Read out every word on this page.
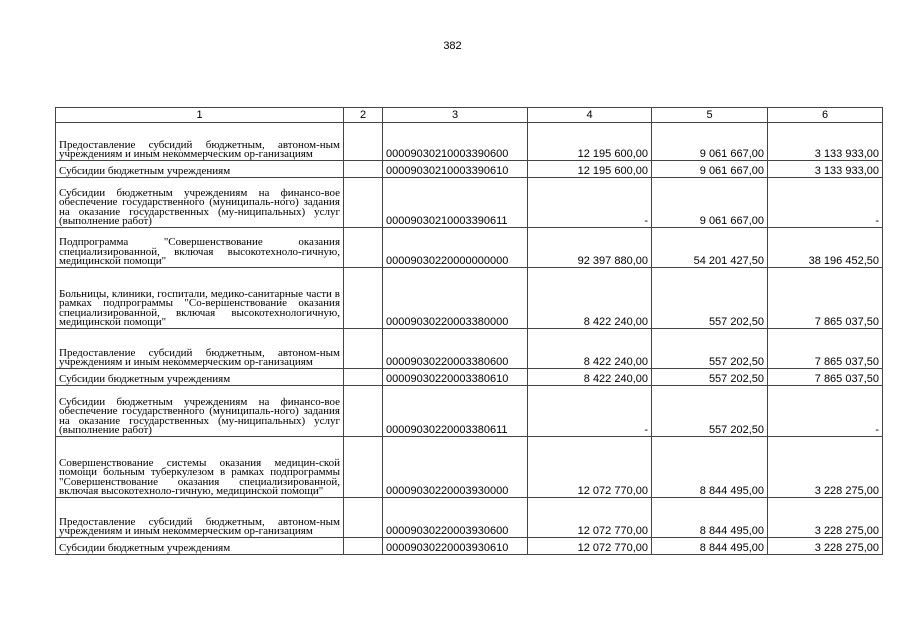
382
1	2	3	4	5	6
Предоставление субсидий бюджетным, автоном-ным учреждениям и иным некоммерческим ор-ганизациям		00009030210003390600	12 195 600,00	9 061 667,00	3 133 933,00
Субсидии бюджетным учреждениям		00009030210003390610	12 195 600,00	9 061 667,00	3 133 933,00
Субсидии бюджетным учреждениям на финансо-вое обеспечение государственного (муниципаль-ного) задания на оказание государственных (му-ниципальных) услуг (выполнение работ)		00009030210003390611	-	9 061 667,00	-
Подпрограмма "Совершенствование оказания специализированной, включая высокотехноло-гичную, медицинской помощи"		00009030220000000000	92 397 880,00	54 201 427,50	38 196 452,50
Больницы, клиники, госпитали, медико-санитарные части в рамках подпрограммы "Со-вершенствование оказания специализированной, включая высокотехнологичную, медицинской помощи"		00009030220003380000	8 422 240,00	557 202,50	7 865 037,50
Предоставление субсидий бюджетным, автоном-ным учреждениям и иным некоммерческим ор-ганизациям		00009030220003380600	8 422 240,00	557 202,50	7 865 037,50
Субсидии бюджетным учреждениям		00009030220003380610	8 422 240,00	557 202,50	7 865 037,50
Субсидии бюджетным учреждениям на финансо-вое обеспечение государственного (муниципаль-ного) задания на оказание государственных (му-ниципальных) услуг (выполнение работ)		00009030220003380611	-	557 202,50	-
Совершенствование системы оказания медицин-ской помощи больным туберкулезом в рамках подпрограммы "Совершенствование оказания специализированной, включая высокотехноло-гичную, медицинской помощи"		00009030220003930000	12 072 770,00	8 844 495,00	3 228 275,00
Предоставление субсидий бюджетным, автоном-ным учреждениям и иным некоммерческим ор-ганизациям		00009030220003930600	12 072 770,00	8 844 495,00	3 228 275,00
Субсидии бюджетным учреждениям		00009030220003930610	12 072 770,00	8 844 495,00	3 228 275,00
